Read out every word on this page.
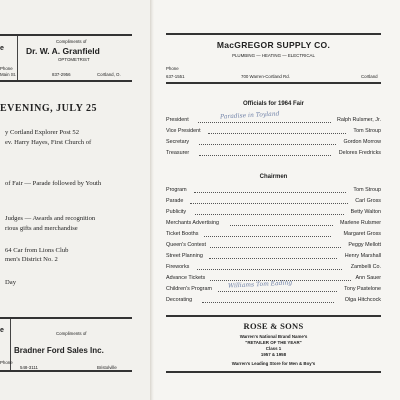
e
Compliments of
Dr. W. A. Granfield
OPTOMETRIST
Phone
Main St.	837-2956	Cortland, O.
EVENING, JULY 25
y Cortland Explorer Post 52
ev. Harry Hayes, First Church of
of Fair — Parade followed by Youth
Judges — Awards and recognition
rious gifts and merchandise
64 Car from Lions Club
men's District No. 2
Day
e	Compliments of
Bradner Ford Sales Inc.
Phone
548-3111	Bristolville
MacGREGOR SUPPLY CO.
PLUMBING — HEATING — ELECTRICAL
Phone
637-1551	700 Warren-Cortland Rd.	Cortland
Officials for 1964 Fair
President	Ralph Rulsmer, Jr.
Paradise in Toyland
Vice President	Tom Stroup
Secretary	Gordon Morrow
Treasurer	Delores Fredricks
Chairmen
Program	Tom Stroup
Parade	Carl Gross
Publicity	Betty Walton
Merchants Advertising	Marlene Rulsmer
Ticket Booths	Margaret Gross
Queen's Contest	Peggy Mellott
Street Planning	Henry Marshall
Fireworks	Zambelli Co.
Advance Tickets	Ann Sauer
Children's Program	Tony Pastelone
Williams Tom Eading
Decorating	Olga Hitchcock
ROSE & SONS
Warren's National Brand Name's
"RETAILER OF THE YEAR"
Class 1
1957 & 1958
Warren's Leading Store for Men & Boy's
